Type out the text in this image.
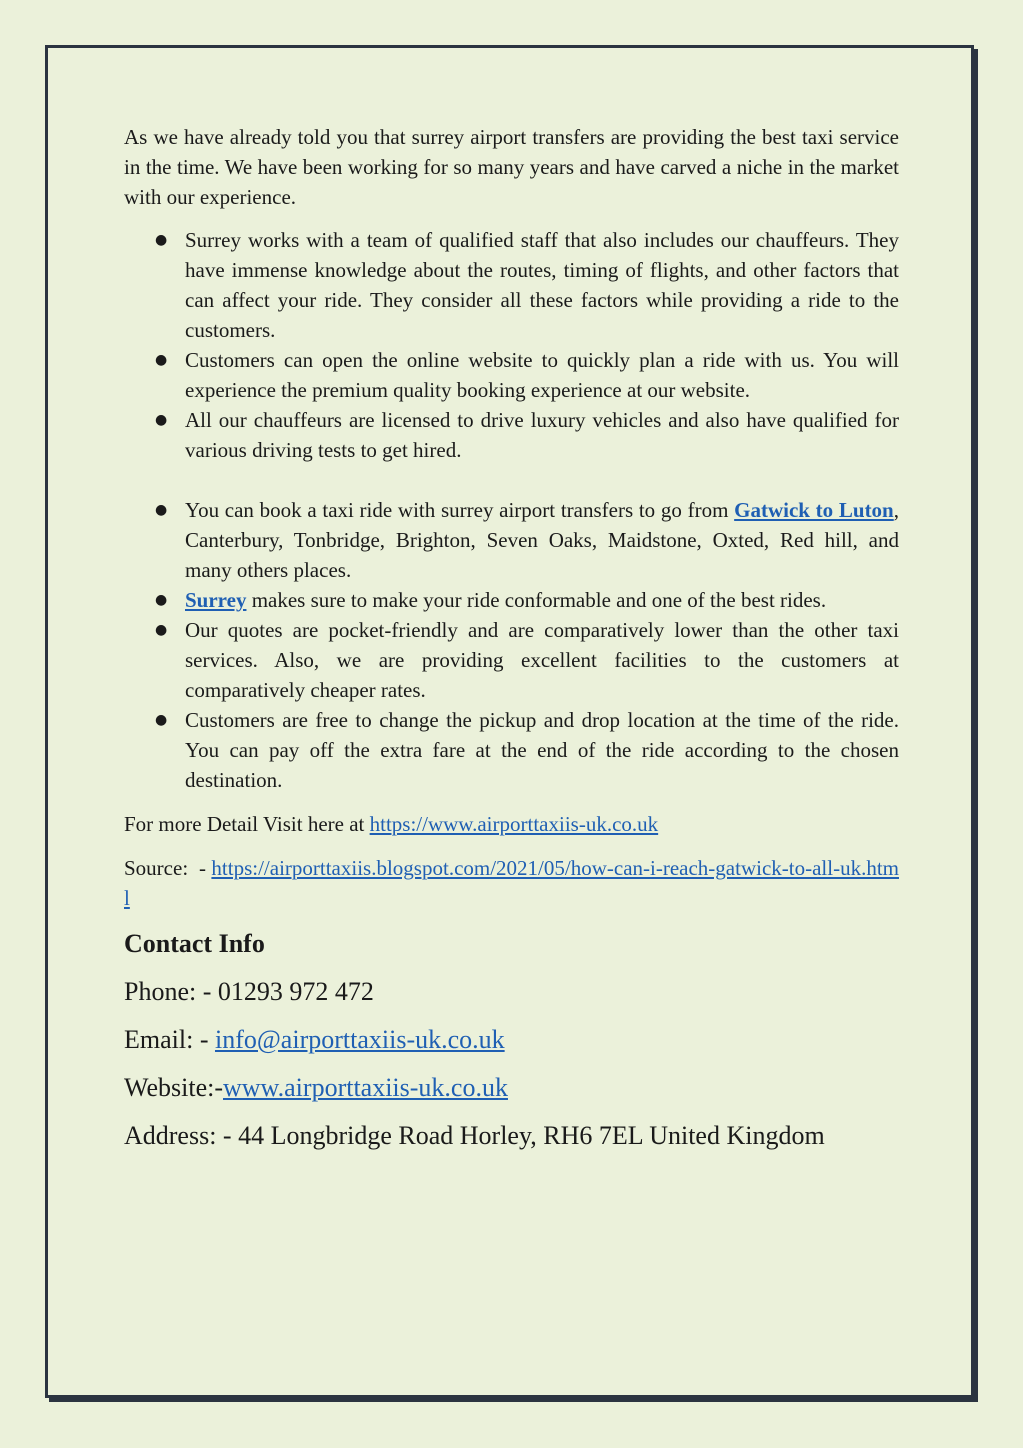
As we have already told you that surrey airport transfers are providing the best taxi service in the time. We have been working for so many years and have carved a niche in the market with our experience.

● Surrey works with a team of qualified staff that also includes our chauffeurs. They have immense knowledge about the routes, timing of flights, and other factors that can affect your ride. They consider all these factors while providing a ride to the customers.
● Customers can open the online website to quickly plan a ride with us. You will experience the premium quality booking experience at our website.
● All our chauffeurs are licensed to drive luxury vehicles and also have qualified for various driving tests to get hired.
● You can book a taxi ride with surrey airport transfers to go from Gatwick to Luton, Canterbury, Tonbridge, Brighton, Seven Oaks, Maidstone, Oxted, Red hill, and many others places.
● Surrey makes sure to make your ride conformable and one of the best rides.
● Our quotes are pocket-friendly and are comparatively lower than the other taxi services. Also, we are providing excellent facilities to the customers at comparatively cheaper rates.
● Customers are free to change the pickup and drop location at the time of the ride. You can pay off the extra fare at the end of the ride according to the chosen destination.

For more Detail Visit here at https://www.airporttaxiis-uk.co.uk

Source:  - https://airporttaxiis.blogspot.com/2021/05/how-can-i-reach-gatwick-to-all-uk.html

Contact Info

Phone: - 01293 972 472

Email: - info@airporttaxiis-uk.co.uk

Website:-www.airporttaxiis-uk.co.uk

Address: - 44 Longbridge Road Horley, RH6 7EL United Kingdom
